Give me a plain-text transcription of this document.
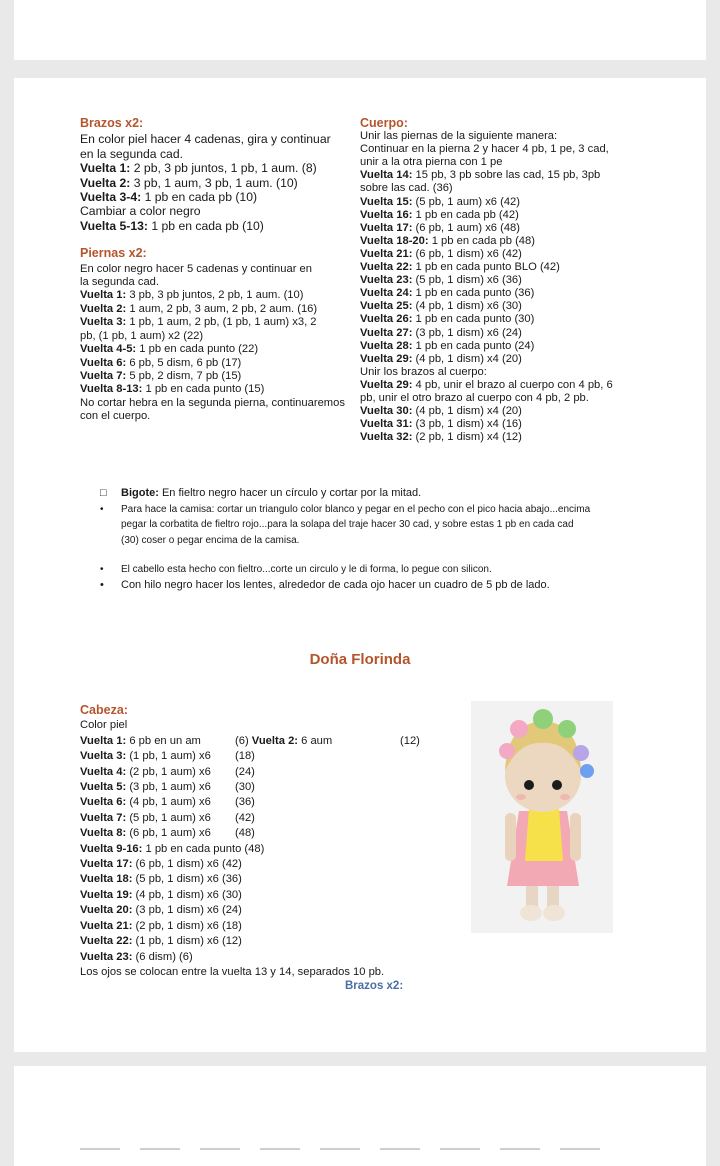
Brazos x2:
En color piel hacer 4 cadenas, gira y continuar
en la segunda cad.
Vuelta 1: 2 pb, 3 pb juntos, 1 pb, 1 aum. (8)
Vuelta 2: 3 pb, 1 aum, 3 pb, 1 aum. (10)
Vuelta 3-4: 1 pb en cada pb (10)
Cambiar a color negro
Vuelta 5-13: 1 pb en cada pb (10)
Piernas x2:
En color negro hacer 5 cadenas y continuar en
la segunda cad.
Vuelta 1: 3 pb, 3 pb juntos, 2 pb, 1 aum. (10)
Vuelta 2: 1 aum, 2 pb, 3 aum, 2 pb, 2 aum. (16)
Vuelta 3: 1 pb, 1 aum, 2 pb, (1 pb, 1 aum) x3, 2
pb, (1 pb, 1 aum) x2 (22)
Vuelta 4-5: 1 pb en cada punto (22)
Vuelta 6: 6 pb, 5 dism, 6 pb (17)
Vuelta 7: 5 pb, 2 dism, 7 pb (15)
Vuelta 8-13: 1 pb en cada punto (15)
No cortar hebra en la segunda pierna, continuaremos
con el cuerpo.
Cuerpo:
Unir las piernas de la siguiente manera:
Continuar en la pierna 2 y hacer 4 pb, 1 pe, 3 cad,
unir a la otra pierna con 1 pe
Vuelta 14: 15 pb, 3 pb sobre las cad, 15 pb, 3pb
sobre las cad. (36)
Vuelta 15: (5 pb, 1 aum) x6 (42)
Vuelta 16: 1 pb en cada pb (42)
Vuelta 17: (6 pb, 1 aum) x6 (48)
Vuelta 18-20: 1 pb en cada pb (48)
Vuelta 21: (6 pb, 1 dism) x6 (42)
Vuelta 22: 1 pb en cada punto BLO (42)
Vuelta 23: (5 pb, 1 dism) x6 (36)
Vuelta 24: 1 pb en cada punto (36)
Vuelta 25: (4 pb, 1 dism) x6 (30)
Vuelta 26: 1 pb en cada punto (30)
Vuelta 27: (3 pb, 1 dism) x6 (24)
Vuelta 28: 1 pb en cada punto (24)
Vuelta 29: (4 pb, 1 dism) x4 (20)
Unir los brazos al cuerpo:
Vuelta 29: 4 pb, unir el brazo al cuerpo con 4 pb, 6
pb, unir el otro brazo al cuerpo con 4 pb, 2 pb.
Vuelta 30: (4 pb, 1 dism) x4 (20)
Vuelta 31: (3 pb, 1 dism) x4 (16)
Vuelta 32: (2 pb, 1 dism) x4 (12)
□	Bigote: En fieltro negro hacer un círculo y cortar por la mitad.
•	Para hace la camisa: cortar un triangulo color blanco y pegar en el pecho con el pico hacia abajo...encima
pegar la corbatita de fieltro rojo...para la solapa del traje hacer 30 cad, y sobre estas 1 pb en cada cad
(30) coser o pegar encima de la camisa.
•	El cabello esta hecho con fieltro...corte un circulo y le di forma, lo pegue con silicon.
•	Con hilo negro hacer los lentes, alrededor de cada ojo hacer un cuadro de 5 pb de lado.
Doña Florinda
Cabeza:
Color piel
Vuelta 1: 6 pb en un am	(6) Vuelta 2: 6 aum	(12)
Vuelta 3: (1 pb, 1 aum) x6 (18)
Vuelta 4: (2 pb, 1 aum) x6 (24)
Vuelta 5: (3 pb, 1 aum) x6 (30)
Vuelta 6: (4 pb, 1 aum) x6 (36)
Vuelta 7: (5 pb, 1 aum) x6 (42)
Vuelta 8: (6 pb, 1 aum) x6 (48)
Vuelta 9-16: 1 pb en cada punto (48)
Vuelta 17: (6 pb, 1 dism) x6 (42)
Vuelta 18: (5 pb, 1 dism) x6 (36)
Vuelta 19: (4 pb, 1 dism) x6 (30)
Vuelta 20: (3 pb, 1 dism) x6 (24)
Vuelta 21: (2 pb, 1 dism) x6 (18)
Vuelta 22: (1 pb, 1 dism) x6 (12)
Vuelta 23: (6 dism) (6)
Los ojos se colocan entre la vuelta 13 y 14, separados 10 pb.
Brazos x2:
